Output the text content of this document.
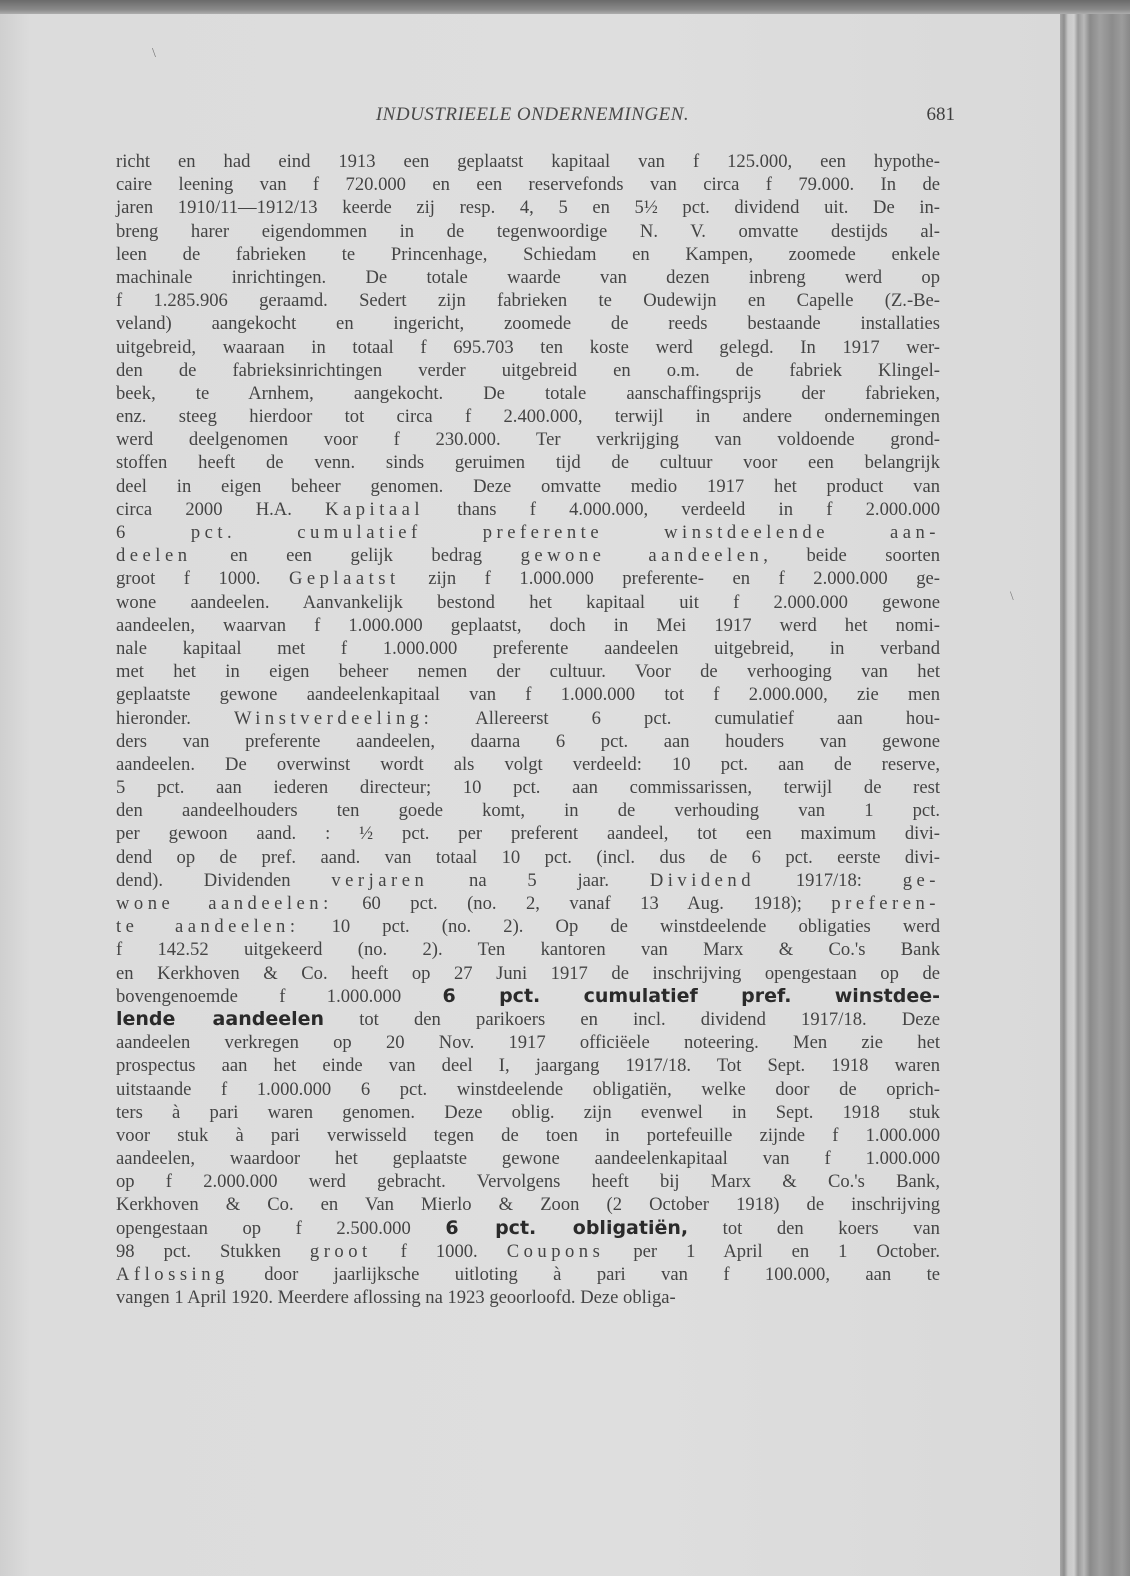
\
\
INDUSTRIEELE ONDERNEMINGEN.	681
richt en had eind 1913 een geplaatst kapitaal van f 125.000, een hypothe-
caire leening van f 720.000 en een reservefonds van circa f 79.000. In de
jaren 1910/11—1912/13 keerde zij resp. 4, 5 en 5½ pct. dividend uit. De in-
breng harer eigendommen in de tegenwoordige N. V. omvatte destijds al-
leen de fabrieken te Princenhage, Schiedam en Kampen, zoomede enkele
machinale inrichtingen. De totale waarde van dezen inbreng werd op
f 1.285.906 geraamd. Sedert zijn fabrieken te Oudewijn en Capelle (Z.-Be-
veland) aangekocht en ingericht, zoomede de reeds bestaande installaties
uitgebreid, waaraan in totaal f 695.703 ten koste werd gelegd. In 1917 wer-
den de fabrieksinrichtingen verder uitgebreid en o.m. de fabriek Klingel-
beek, te Arnhem, aangekocht. De totale aanschaffingsprijs der fabrieken,
enz. steeg hierdoor tot circa f 2.400.000, terwijl in andere ondernemingen
werd deelgenomen voor f 230.000. Ter verkrijging van voldoende grond-
stoffen heeft de venn. sinds geruimen tijd de cultuur voor een belangrijk
deel in eigen beheer genomen. Deze omvatte medio 1917 het product van
circa 2000 H.A. Kapitaal thans f 4.000.000, verdeeld in f 2.000.000
6 pct. cumulatief preferente winstdeelende aan-
deelen en een gelijk bedrag gewone aandeelen, beide soorten
groot f 1000. Geplaatst zijn f 1.000.000 preferente- en f 2.000.000 ge-
wone aandeelen. Aanvankelijk bestond het kapitaal uit f 2.000.000 gewone
aandeelen, waarvan f 1.000.000 geplaatst, doch in Mei 1917 werd het nomi-
nale kapitaal met f 1.000.000 preferente aandeelen uitgebreid, in verband
met het in eigen beheer nemen der cultuur. Voor de verhooging van het
geplaatste gewone aandeelenkapitaal van f 1.000.000 tot f 2.000.000, zie men
hieronder. Winstverdeeling: Allereerst 6 pct. cumulatief aan hou-
ders van preferente aandeelen, daarna 6 pct. aan houders van gewone
aandeelen. De overwinst wordt als volgt verdeeld: 10 pct. aan de reserve,
5 pct. aan iederen directeur; 10 pct. aan commissarissen, terwijl de rest
den aandeelhouders ten goede komt, in de verhouding van 1 pct.
per gewoon aand. : ½ pct. per preferent aandeel, tot een maximum divi-
dend op de pref. aand. van totaal 10 pct. (incl. dus de 6 pct. eerste divi-
dend). Dividenden verjaren na 5 jaar. Dividend 1917/18: ge-
wone aandeelen: 60 pct. (no. 2, vanaf 13 Aug. 1918); preferen-
te aandeelen: 10 pct. (no. 2). Op de winstdeelende obligaties werd
f 142.52 uitgekeerd (no. 2). Ten kantoren van Marx & Co.'s Bank
en Kerkhoven & Co. heeft op 27 Juni 1917 de inschrijving opengestaan op de
bovengenoemde f 1.000.000 6 pct. cumulatief pref. winstdee-
lende aandeelen tot den parikoers en incl. dividend 1917/18. Deze
aandeelen verkregen op 20 Nov. 1917 officiëele noteering. Men zie het
prospectus aan het einde van deel I, jaargang 1917/18. Tot Sept. 1918 waren
uitstaande f 1.000.000 6 pct. winstdeelende obligatiën, welke door de oprich-
ters à pari waren genomen. Deze oblig. zijn evenwel in Sept. 1918 stuk
voor stuk à pari verwisseld tegen de toen in portefeuille zijnde f 1.000.000
aandeelen, waardoor het geplaatste gewone aandeelenkapitaal van f 1.000.000
op f 2.000.000 werd gebracht. Vervolgens heeft bij Marx & Co.'s Bank,
Kerkhoven & Co. en Van Mierlo & Zoon (2 October 1918) de inschrijving
opengestaan op f 2.500.000 6 pct. obligatiën, tot den koers van
98 pct. Stukken groot f 1000. Coupons per 1 April en 1 October.
Aflossing door jaarlijksche uitloting à pari van f 100.000, aan te
vangen 1 April 1920. Meerdere aflossing na 1923 geoorloofd. Deze obliga-
